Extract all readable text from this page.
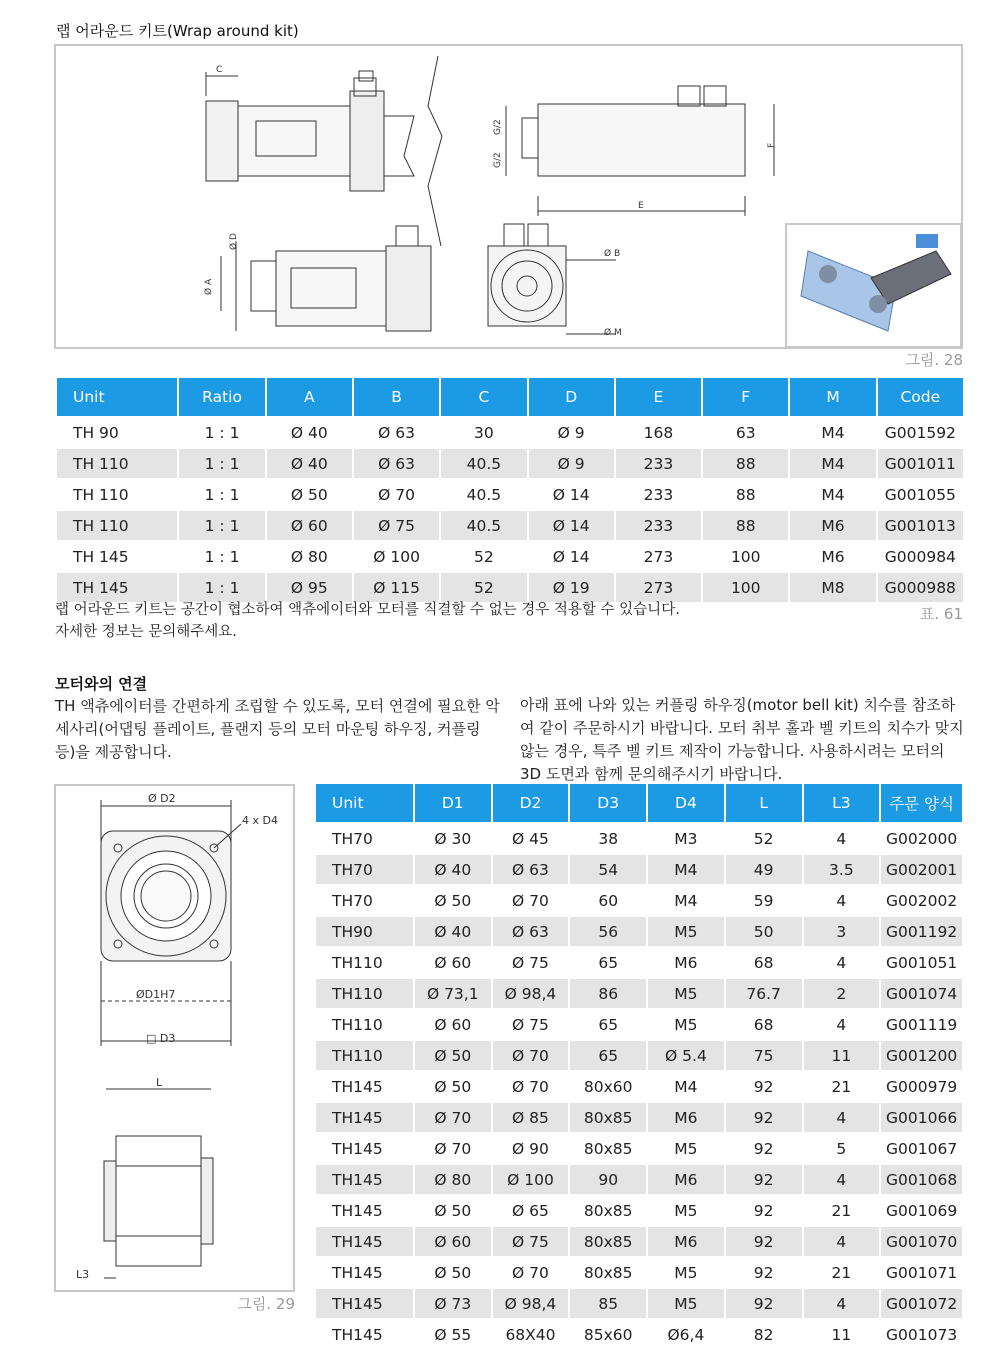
랩 어라운드 키트(Wrap around kit)
C
G/2
G/2
F
E
Ø D
Ø A
Ø B
Ø M
그림. 28
Unit	Ratio	A	B	C	D	E	F	M	Code
TH 90	1 : 1	Ø 40	Ø 63	30	Ø 9	168	63	M4	G001592
TH 110	1 : 1	Ø 40	Ø 63	40.5	Ø 9	233	88	M4	G001011
TH 110	1 : 1	Ø 50	Ø 70	40.5	Ø 14	233	88	M4	G001055
TH 110	1 : 1	Ø 60	Ø 75	40.5	Ø 14	233	88	M6	G001013
TH 145	1 : 1	Ø 80	Ø 100	52	Ø 14	273	100	M6	G000984
TH 145	1 : 1	Ø 95	Ø 115	52	Ø 19	273	100	M8	G000988
표. 61
랩 어라운드 키트는 공간이 협소하여 액츄에이터와 모터를 직결할 수 없는 경우 적용할 수 있습니다.
자세한 정보는 문의해주세요.
모터와의 연결
TH 액츄에이터를 간편하게 조립할 수 있도록, 모터 연결에 필요한 악세사리(어댑팅 플레이트, 플랜지 등의 모터 마운팅 하우징, 커플링 등)을 제공합니다.
아래 표에 나와 있는 커플링 하우징(motor bell kit) 치수를 참조하여 같이 주문하시기 바랍니다. 모터 취부 홀과 벨 키트의 치수가 맞지 않는 경우, 특주 벨 키트 제작이 가능합니다. 사용하시려는 모터의 3D 도면과 함께 문의해주시기 바랍니다.
Ø D2
4 x D4
ØD1H7
□ D3
L
L3
그림. 29
Unit	D1	D2	D3	D4	L	L3	주문 양식
TH70	Ø 30	Ø 45	38	M3	52	4	G002000
TH70	Ø 40	Ø 63	54	M4	49	3.5	G002001
TH70	Ø 50	Ø 70	60	M4	59	4	G002002
TH90	Ø 40	Ø 63	56	M5	50	3	G001192
TH110	Ø 60	Ø 75	65	M6	68	4	G001051
TH110	Ø 73,1	Ø 98,4	86	M5	76.7	2	G001074
TH110	Ø 60	Ø 75	65	M5	68	4	G001119
TH110	Ø 50	Ø 70	65	Ø 5.4	75	11	G001200
TH145	Ø 50	Ø 70	80x60	M4	92	21	G000979
TH145	Ø 70	Ø 85	80x85	M6	92	4	G001066
TH145	Ø 70	Ø 90	80x85	M5	92	5	G001067
TH145	Ø 80	Ø 100	90	M6	92	4	G001068
TH145	Ø 50	Ø 65	80x85	M5	92	21	G001069
TH145	Ø 60	Ø 75	80x85	M6	92	4	G001070
TH145	Ø 50	Ø 70	80x85	M5	92	21	G001071
TH145	Ø 73	Ø 98,4	85	M5	92	4	G001072
TH145	Ø 55	68X40	85x60	Ø6,4	82	11	G001073
